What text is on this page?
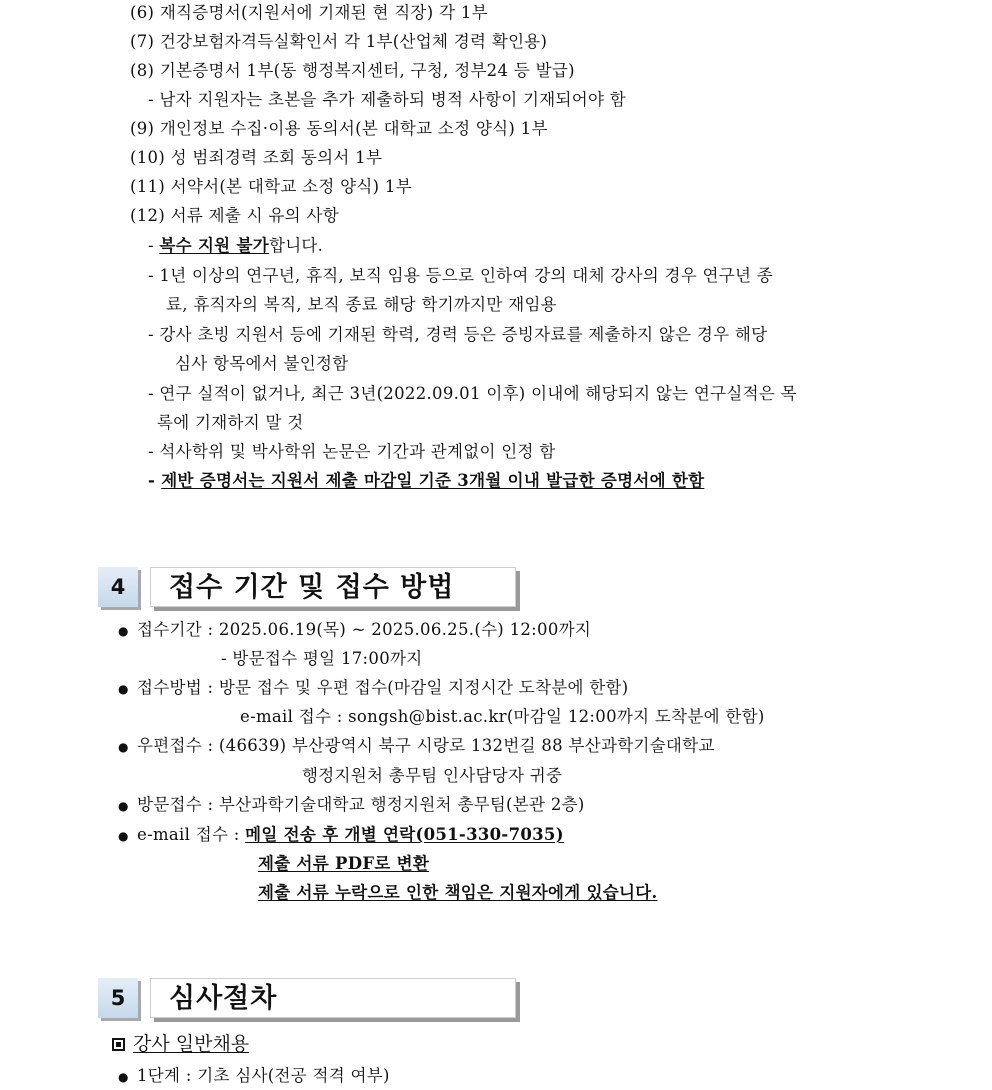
(6) 재직증명서(지원서에 기재된 현 직장) 각 1부
(7) 건강보험자격득실확인서 각 1부(산업체 경력 확인용)
(8) 기본증명서 1부(동 행정복지센터, 구청, 정부24 등 발급)
- 남자 지원자는 초본을 추가 제출하되 병적 사항이 기재되어야 함
(9) 개인정보 수집·이용 동의서(본 대학교 소정 양식) 1부
(10) 성 범죄경력 조회 동의서 1부
(11) 서약서(본 대학교 소정 양식) 1부
(12) 서류 제출 시 유의 사항
- 복수 지원 불가합니다.
- 1년 이상의 연구년, 휴직, 보직 임용 등으로 인하여 강의 대체 강사의 경우 연구년 종
료, 휴직자의 복직, 보직 종료 해당 학기까지만 재임용
- 강사 초빙 지원서 등에 기재된 학력, 경력 등은 증빙자료를 제출하지 않은 경우 해당
심사 항목에서 불인정함
- 연구 실적이 없거나, 최근 3년(2022.09.01 이후) 이내에 해당되지 않는 연구실적은 목
록에 기재하지 말 것
- 석사학위 및 박사학위 논문은 기간과 관계없이 인정 함
- 제반 증명서는 지원서 제출 마감일 기준 3개월 이내 발급한 증명서에 한함
4	접수 기간 및 접수 방법
● 접수기간 : 2025.06.19(목) ~ 2025.06.25.(수) 12:00까지
- 방문접수 평일 17:00까지
● 접수방법 : 방문 접수 및 우편 접수(마감일 지정시간 도착분에 한함)
e-mail 접수 : songsh@bist.ac.kr(마감일 12:00까지 도착분에 한함)
● 우편접수 : (46639) 부산광역시 북구 시랑로 132번길 88 부산과학기술대학교
행정지원처 총무팀 인사담당자 귀중
● 방문접수 : 부산과학기술대학교 행정지원처 총무팀(본관 2층)
● e-mail 접수 : 메일 전송 후 개별 연락(051-330-7035)
제출 서류 PDF로 변환
제출 서류 누락으로 인한 책임은 지원자에게 있습니다.
5	심사절차
강사 일반채용
● 1단계 : 기초 심사(전공 적격 여부)
